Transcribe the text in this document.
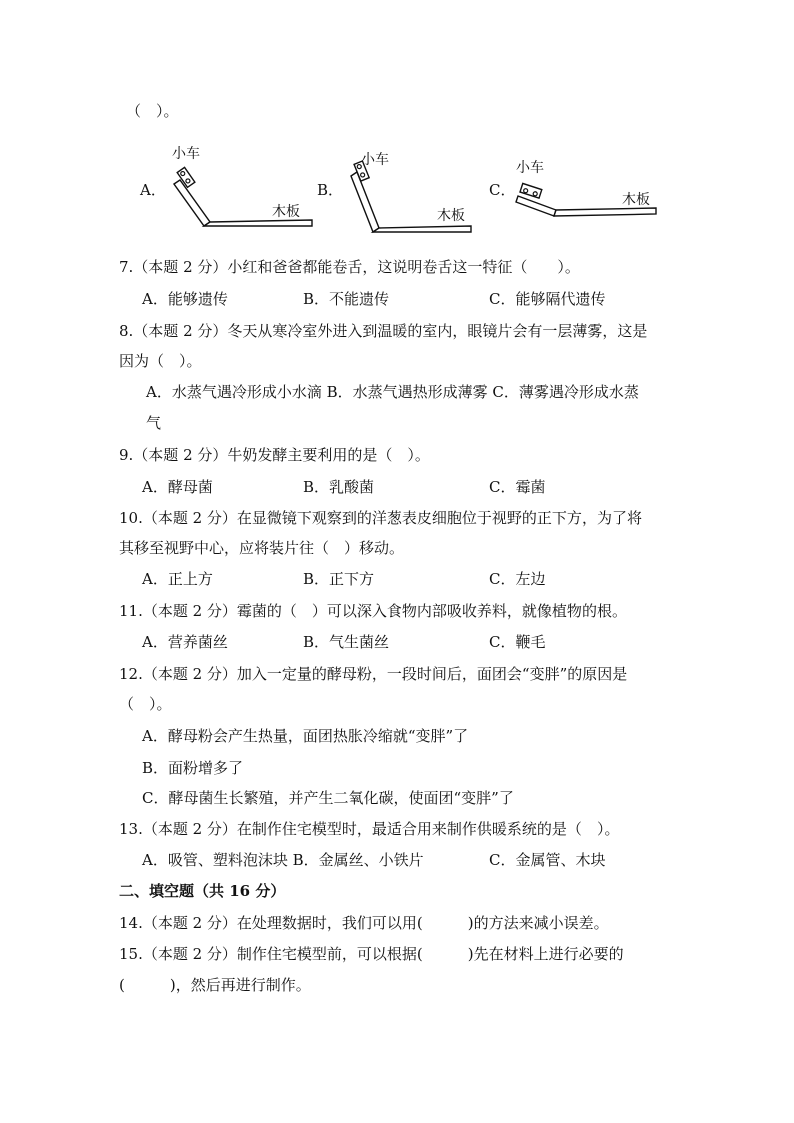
（　）。
A．
小车
木板
B．
小车
木板
C．
小车
木板
7.（本题 2 分）小红和爸爸都能卷舌，这说明卷舌这一特征（　　）。
A．能够遗传	B．不能遗传	C．能够隔代遗传
8.（本题 2 分）冬天从寒冷室外进入到温暖的室内，眼镜片会有一层薄雾，这是
因为（　）。
A．水蒸气遇冷形成小水滴 B．水蒸气遇热形成薄雾 C．薄雾遇冷形成水蒸
气
9.（本题 2 分）牛奶发酵主要利用的是（　）。
A．酵母菌	B．乳酸菌	C．霉菌
10.（本题 2 分）在显微镜下观察到的洋葱表皮细胞位于视野的正下方，为了将
其移至视野中心，应将装片往（　）移动。
A．正上方	B．正下方	C．左边
11.（本题 2 分）霉菌的（　）可以深入食物内部吸收养料，就像植物的根。
A．营养菌丝	B．气生菌丝	C．鞭毛
12.（本题 2 分）加入一定量的酵母粉，一段时间后，面团会“变胖”的原因是
（　）。
A．酵母粉会产生热量，面团热胀冷缩就“变胖”了
B．面粉增多了
C．酵母菌生长繁殖，并产生二氧化碳，使面团“变胖”了
13.（本题 2 分）在制作住宅模型时，最适合用来制作供暖系统的是（　）。
A．吸管、塑料泡沫块 B．金属丝、小铁片	C．金属管、木块
二、填空题（共 16 分）
14.（本题 2 分）在处理数据时，我们可以用(　　　)的方法来减小误差。
15.（本题 2 分）制作住宅模型前，可以根据(　　　)先在材料上进行必要的
(　　　)，然后再进行制作。
